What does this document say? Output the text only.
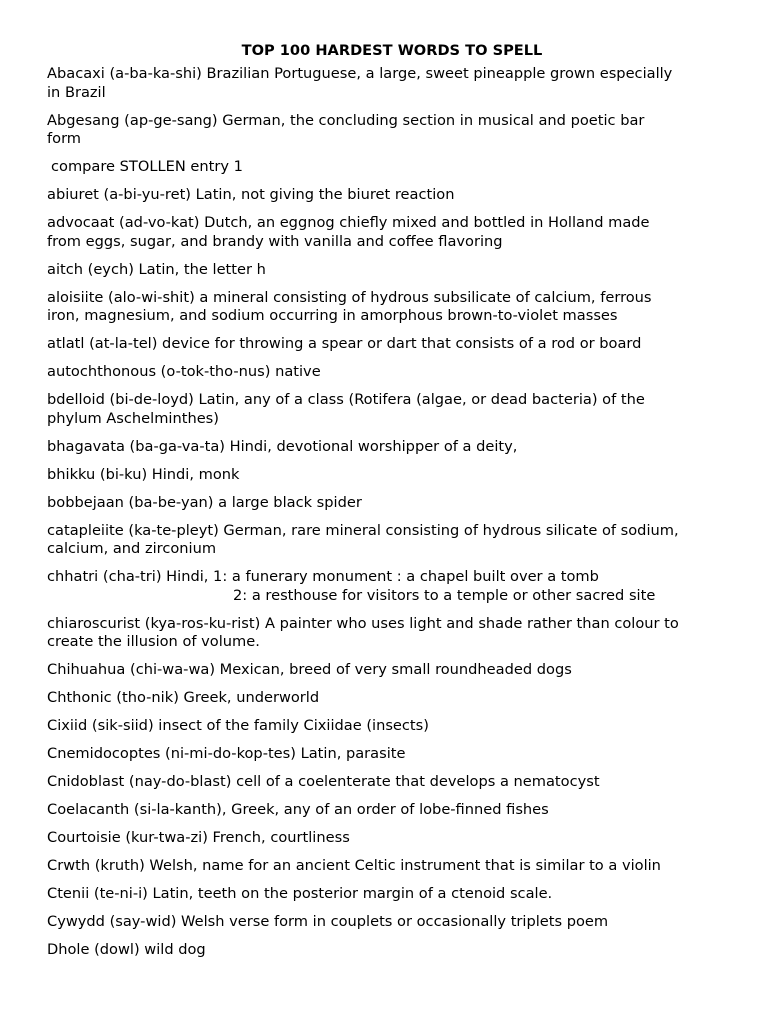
TOP 100 HARDEST WORDS TO SPELL
Abacaxi (a-ba-ka-shi) Brazilian Portuguese, a large, sweet pineapple grown especially
in Brazil
Abgesang (ap-ge-sang) German, the concluding section in musical and poetic bar
form
compare STOLLEN entry 1
abiuret (a-bi-yu-ret) Latin, not giving the biuret reaction
advocaat (ad-vo-kat) Dutch, an eggnog chiefly mixed and bottled in Holland made
from eggs, sugar, and brandy with vanilla and coffee flavoring
aitch (eych) Latin, the letter h
aloisiite (alo-wi-shit) a mineral consisting of hydrous subsilicate of calcium, ferrous
iron, magnesium, and sodium occurring in amorphous brown-to-violet masses
atlatl (at-la-tel) device for throwing a spear or dart that consists of a rod or board
autochthonous (o-tok-tho-nus) native
bdelloid (bi-de-loyd) Latin, any of a class (Rotifera (algae, or dead bacteria) of the
phylum Aschelminthes)
bhagavata (ba-ga-va-ta) Hindi, devotional worshipper of a deity,
bhikku (bi-ku) Hindi, monk
bobbejaan (ba-be-yan) a large black spider
catapleiite (ka-te-pleyt) German, rare mineral consisting of hydrous silicate of sodium,
calcium, and zirconium
chhatri (cha-tri) Hindi, 1: a funerary monument : a chapel built over a tomb
2: a resthouse for visitors to a temple or other sacred site
chiaroscurist (kya-ros-ku-rist) A painter who uses light and shade rather than colour to
create the illusion of volume.
Chihuahua (chi-wa-wa) Mexican, breed of very small roundheaded dogs
Chthonic (tho-nik) Greek, underworld
Cixiid (sik-siid) insect of the family Cixiidae (insects)
Cnemidocoptes (ni-mi-do-kop-tes) Latin, parasite
Cnidoblast (nay-do-blast) cell of a coelenterate that develops a nematocyst
Coelacanth (si-la-kanth), Greek, any of an order of lobe-finned fishes
Courtoisie (kur-twa-zi) French, courtliness
Crwth (kruth) Welsh, name for an ancient Celtic instrument that is similar to a violin
Ctenii (te-ni-i) Latin, teeth on the posterior margin of a ctenoid scale.
Cywydd (say-wid) Welsh verse form in couplets or occasionally triplets poem
Dhole (dowl) wild dog
